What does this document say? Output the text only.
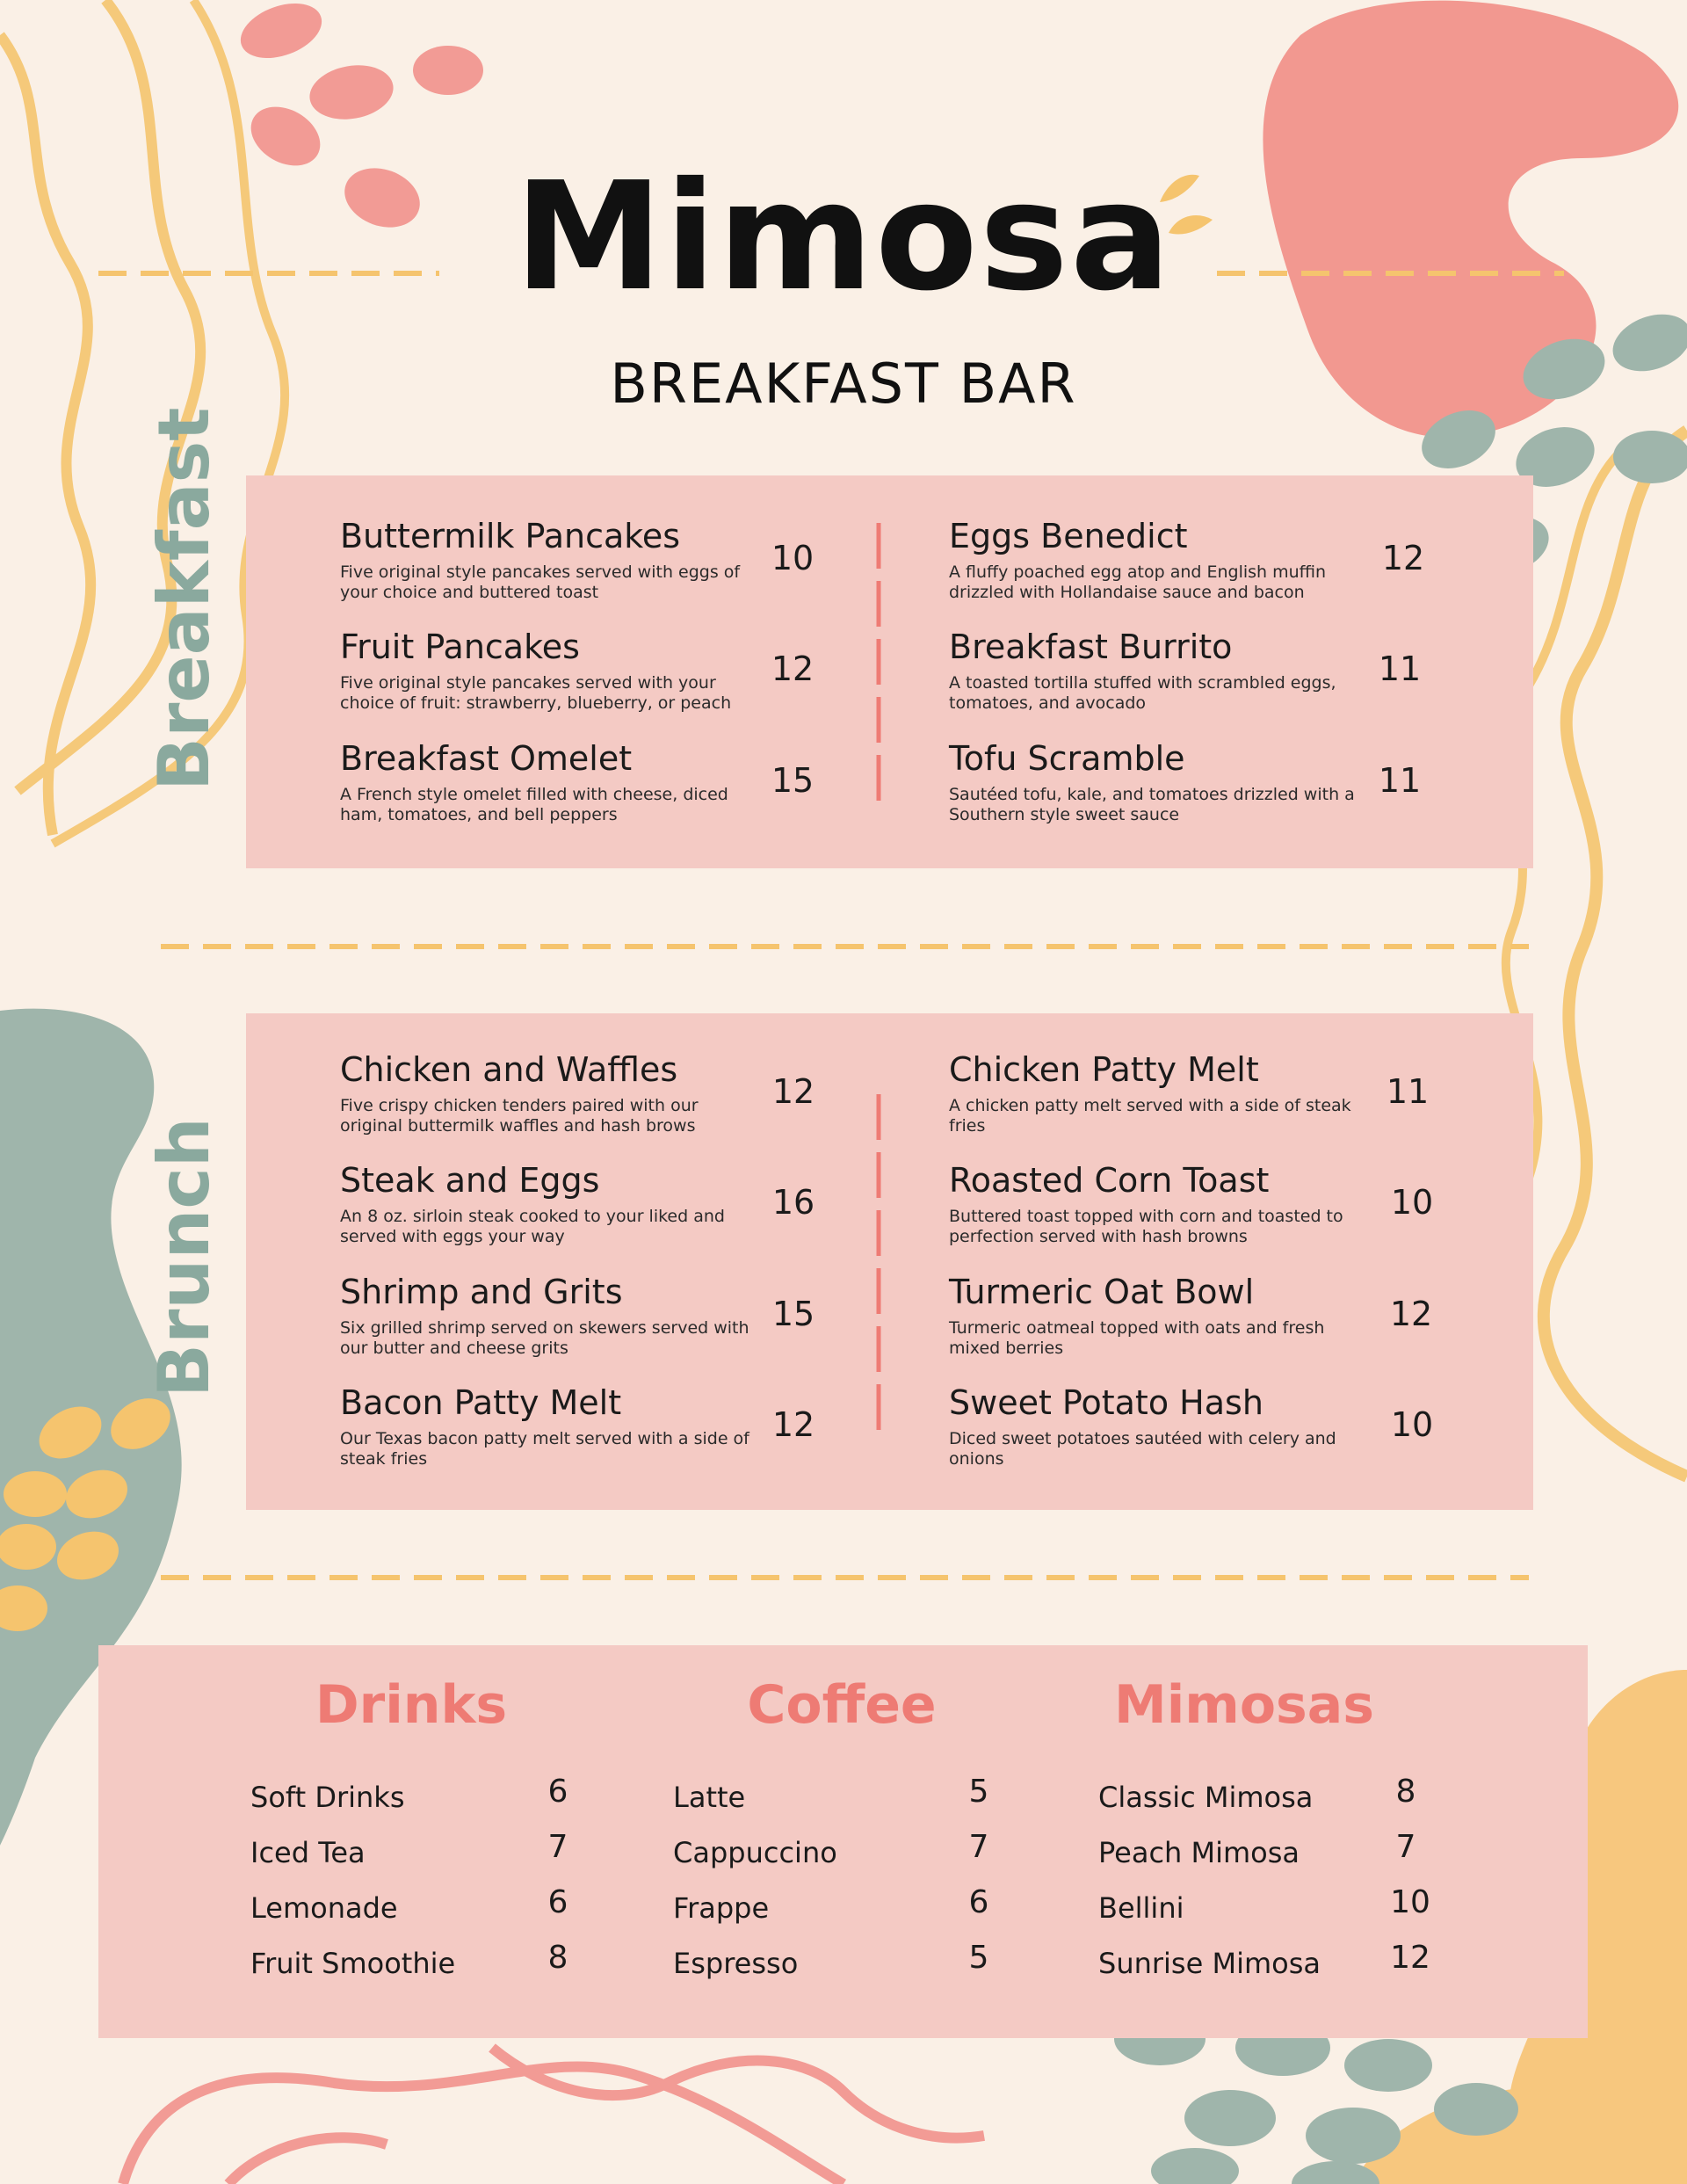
Mimosa
BREAKFAST BAR
Breakfast	Buttermilk Pancakes
Five original style pancakes served with eggs of your choice and buttered toast
10
Fruit Pancakes
Five original style pancakes served with your choice of fruit: strawberry, blueberry, or peach
12
Breakfast Omelet
A French style omelet filled with cheese, diced ham, tomatoes, and bell peppers
15
Eggs Benedict
A fluffy poached egg atop and English muffin drizzled with Hollandaise sauce and bacon
12
Breakfast Burrito
A toasted tortilla stuffed with scrambled eggs, tomatoes, and avocado
11
Tofu Scramble
Sautéed tofu, kale, and tomatoes drizzled with a Southern style sweet sauce
11
Brunch
Chicken and Waffles
Five crispy chicken tenders paired with our original buttermilk waffles and hash brows
12
Steak and Eggs
An 8 oz. sirloin steak cooked to your liked and served with eggs your way
16
Shrimp and Grits
Six grilled shrimp served on skewers served with our butter and cheese grits
15
Bacon Patty Melt
Our Texas bacon patty melt served with a side of steak fries
12
Chicken Patty Melt
A chicken patty melt served with a side of steak fries
11
Roasted Corn Toast
Buttered toast topped with corn and toasted to perfection served with hash browns
10
Turmeric Oat Bowl
Turmeric oatmeal topped with oats and fresh mixed berries
12
Sweet Potato Hash
Diced sweet potatoes sautéed with celery and onions
10
Drinks
Soft Drinks	6
Iced Tea	7
Lemonade	6
Fruit Smoothie	8
Coffee
Latte	5
Cappuccino	7
Frappe	6
Espresso	5
Mimosas
Classic Mimosa	8
Peach Mimosa	7
Bellini	10
Sunrise Mimosa	12
